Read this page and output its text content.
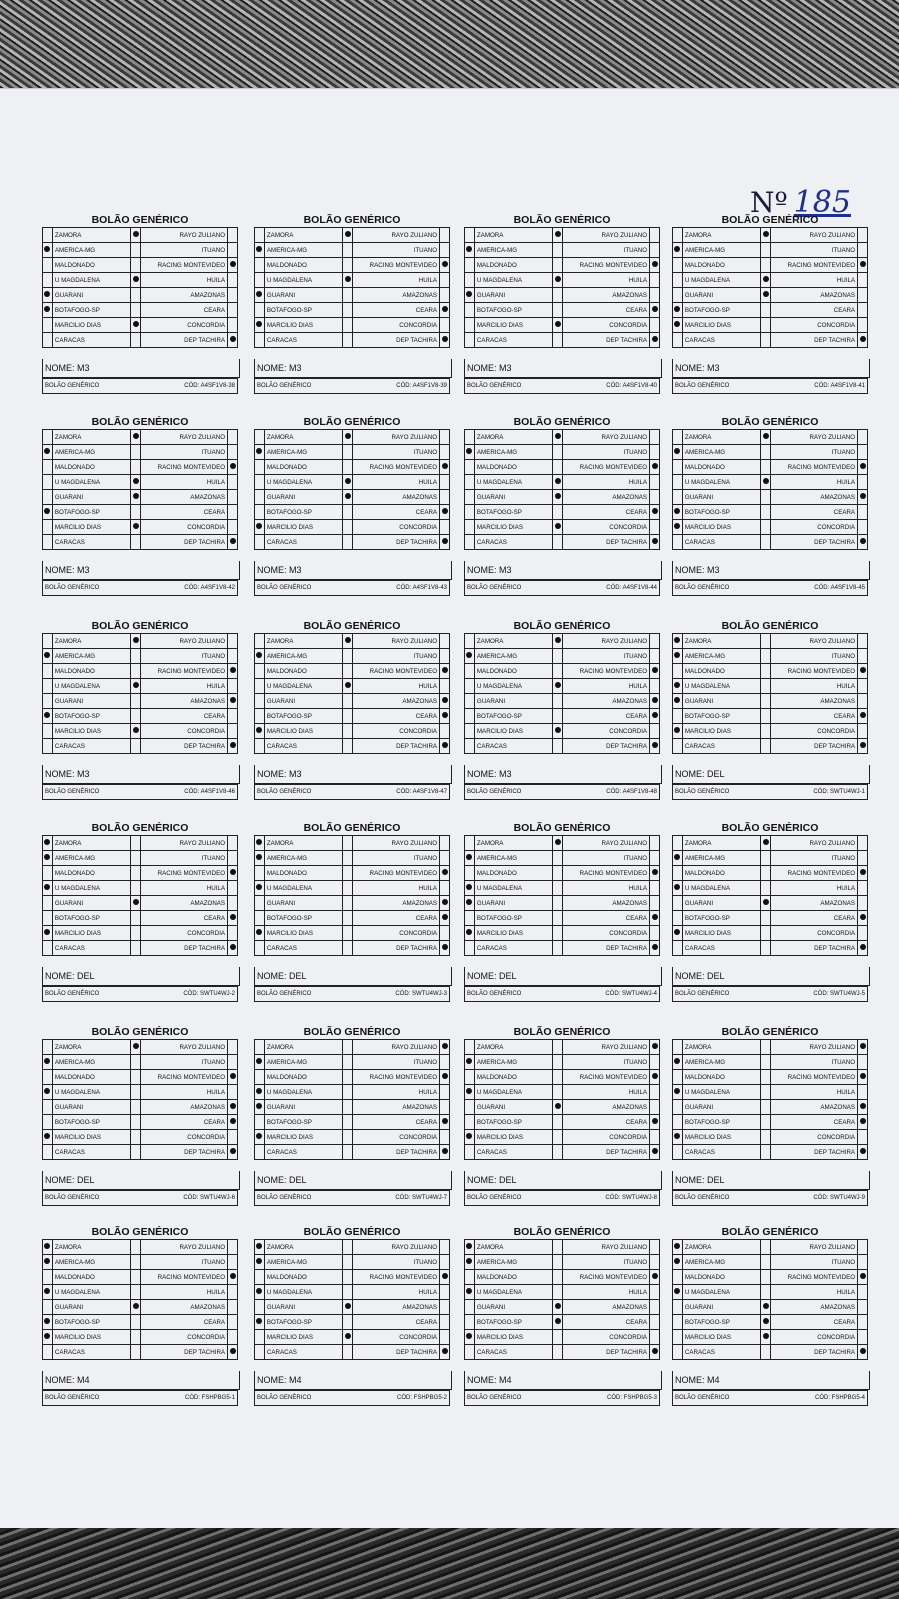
Nº 185
BOLÃO GENÉRICO
	ZAMORA		RAYO ZULIANO	
	AMERICA-MG		ITUANO	
	MALDONADO		RACING MONTEVIDEO	
	U MAGDALENA		HUILA	
	GUARANI		AMAZONAS	
	BOTAFOGO-SP		CEARA	
	MARCILIO DIAS		CONCORDIA	
	CARACAS		DEP TACHIRA	
NOME: M3
BOLÃO GENÉRICO	CÓD: A4SF1V8-38
BOLÃO GENÉRICO
	ZAMORA		RAYO ZULIANO	
	AMERICA-MG		ITUANO	
	MALDONADO		RACING MONTEVIDEO	
	U MAGDALENA		HUILA	
	GUARANI		AMAZONAS	
	BOTAFOGO-SP		CEARA	
	MARCILIO DIAS		CONCORDIA	
	CARACAS		DEP TACHIRA	
NOME: M3
BOLÃO GENÉRICO	CÓD: A4SF1V8-39
BOLÃO GENÉRICO
	ZAMORA		RAYO ZULIANO	
	AMERICA-MG		ITUANO	
	MALDONADO		RACING MONTEVIDEO	
	U MAGDALENA		HUILA	
	GUARANI		AMAZONAS	
	BOTAFOGO-SP		CEARA	
	MARCILIO DIAS		CONCORDIA	
	CARACAS		DEP TACHIRA	
NOME: M3
BOLÃO GENÉRICO	CÓD: A4SF1V8-40
BOLÃO GENÉRICO
	ZAMORA		RAYO ZULIANO	
	AMERICA-MG		ITUANO	
	MALDONADO		RACING MONTEVIDEO	
	U MAGDALENA		HUILA	
	GUARANI		AMAZONAS	
	BOTAFOGO-SP		CEARA	
	MARCILIO DIAS		CONCORDIA	
	CARACAS		DEP TACHIRA	
NOME: M3
BOLÃO GENÉRICO	CÓD: A4SF1V8-41
BOLÃO GENÉRICO
	ZAMORA		RAYO ZULIANO	
	AMERICA-MG		ITUANO	
	MALDONADO		RACING MONTEVIDEO	
	U MAGDALENA		HUILA	
	GUARANI		AMAZONAS	
	BOTAFOGO-SP		CEARA	
	MARCILIO DIAS		CONCORDIA	
	CARACAS		DEP TACHIRA	
NOME: M3
BOLÃO GENÉRICO	CÓD: A4SF1V8-42
BOLÃO GENÉRICO
	ZAMORA		RAYO ZULIANO	
	AMERICA-MG		ITUANO	
	MALDONADO		RACING MONTEVIDEO	
	U MAGDALENA		HUILA	
	GUARANI		AMAZONAS	
	BOTAFOGO-SP		CEARA	
	MARCILIO DIAS		CONCORDIA	
	CARACAS		DEP TACHIRA	
NOME: M3
BOLÃO GENÉRICO	CÓD: A4SF1V8-43
BOLÃO GENÉRICO
	ZAMORA		RAYO ZULIANO	
	AMERICA-MG		ITUANO	
	MALDONADO		RACING MONTEVIDEO	
	U MAGDALENA		HUILA	
	GUARANI		AMAZONAS	
	BOTAFOGO-SP		CEARA	
	MARCILIO DIAS		CONCORDIA	
	CARACAS		DEP TACHIRA	
NOME: M3
BOLÃO GENÉRICO	CÓD: A4SF1V8-44
BOLÃO GENÉRICO
	ZAMORA		RAYO ZULIANO	
	AMERICA-MG		ITUANO	
	MALDONADO		RACING MONTEVIDEO	
	U MAGDALENA		HUILA	
	GUARANI		AMAZONAS	
	BOTAFOGO-SP		CEARA	
	MARCILIO DIAS		CONCORDIA	
	CARACAS		DEP TACHIRA	
NOME: M3
BOLÃO GENÉRICO	CÓD: A4SF1V8-45
BOLÃO GENÉRICO
	ZAMORA		RAYO ZULIANO	
	AMERICA-MG		ITUANO	
	MALDONADO		RACING MONTEVIDEO	
	U MAGDALENA		HUILA	
	GUARANI		AMAZONAS	
	BOTAFOGO-SP		CEARA	
	MARCILIO DIAS		CONCORDIA	
	CARACAS		DEP TACHIRA	
NOME: M3
BOLÃO GENÉRICO	CÓD: A4SF1V8-46
BOLÃO GENÉRICO
	ZAMORA		RAYO ZULIANO	
	AMERICA-MG		ITUANO	
	MALDONADO		RACING MONTEVIDEO	
	U MAGDALENA		HUILA	
	GUARANI		AMAZONAS	
	BOTAFOGO-SP		CEARA	
	MARCILIO DIAS		CONCORDIA	
	CARACAS		DEP TACHIRA	
NOME: M3
BOLÃO GENÉRICO	CÓD: A4SF1V8-47
BOLÃO GENÉRICO
	ZAMORA		RAYO ZULIANO	
	AMERICA-MG		ITUANO	
	MALDONADO		RACING MONTEVIDEO	
	U MAGDALENA		HUILA	
	GUARANI		AMAZONAS	
	BOTAFOGO-SP		CEARA	
	MARCILIO DIAS		CONCORDIA	
	CARACAS		DEP TACHIRA	
NOME: M3
BOLÃO GENÉRICO	CÓD: A4SF1V8-48
BOLÃO GENÉRICO
	ZAMORA		RAYO ZULIANO	
	AMERICA-MG		ITUANO	
	MALDONADO		RACING MONTEVIDEO	
	U MAGDALENA		HUILA	
	GUARANI		AMAZONAS	
	BOTAFOGO-SP		CEARA	
	MARCILIO DIAS		CONCORDIA	
	CARACAS		DEP TACHIRA	
NOME: DEL
BOLÃO GENÉRICO	CÓD: SWTU4WJ-1
BOLÃO GENÉRICO
	ZAMORA		RAYO ZULIANO	
	AMERICA-MG		ITUANO	
	MALDONADO		RACING MONTEVIDEO	
	U MAGDALENA		HUILA	
	GUARANI		AMAZONAS	
	BOTAFOGO-SP		CEARA	
	MARCILIO DIAS		CONCORDIA	
	CARACAS		DEP TACHIRA	
NOME: DEL
BOLÃO GENÉRICO	CÓD: SWTU4WJ-2
BOLÃO GENÉRICO
	ZAMORA		RAYO ZULIANO	
	AMERICA-MG		ITUANO	
	MALDONADO		RACING MONTEVIDEO	
	U MAGDALENA		HUILA	
	GUARANI		AMAZONAS	
	BOTAFOGO-SP		CEARA	
	MARCILIO DIAS		CONCORDIA	
	CARACAS		DEP TACHIRA	
NOME: DEL
BOLÃO GENÉRICO	CÓD: SWTU4WJ-3
BOLÃO GENÉRICO
	ZAMORA		RAYO ZULIANO	
	AMERICA-MG		ITUANO	
	MALDONADO		RACING MONTEVIDEO	
	U MAGDALENA		HUILA	
	GUARANI		AMAZONAS	
	BOTAFOGO-SP		CEARA	
	MARCILIO DIAS		CONCORDIA	
	CARACAS		DEP TACHIRA	
NOME: DEL
BOLÃO GENÉRICO	CÓD: SWTU4WJ-4
BOLÃO GENÉRICO
	ZAMORA		RAYO ZULIANO	
	AMERICA-MG		ITUANO	
	MALDONADO		RACING MONTEVIDEO	
	U MAGDALENA		HUILA	
	GUARANI		AMAZONAS	
	BOTAFOGO-SP		CEARA	
	MARCILIO DIAS		CONCORDIA	
	CARACAS		DEP TACHIRA	
NOME: DEL
BOLÃO GENÉRICO	CÓD: SWTU4WJ-5
BOLÃO GENÉRICO
	ZAMORA		RAYO ZULIANO	
	AMERICA-MG		ITUANO	
	MALDONADO		RACING MONTEVIDEO	
	U MAGDALENA		HUILA	
	GUARANI		AMAZONAS	
	BOTAFOGO-SP		CEARA	
	MARCILIO DIAS		CONCORDIA	
	CARACAS		DEP TACHIRA	
NOME: DEL
BOLÃO GENÉRICO	CÓD: SWTU4WJ-6
BOLÃO GENÉRICO
	ZAMORA		RAYO ZULIANO	
	AMERICA-MG		ITUANO	
	MALDONADO		RACING MONTEVIDEO	
	U MAGDALENA		HUILA	
	GUARANI		AMAZONAS	
	BOTAFOGO-SP		CEARA	
	MARCILIO DIAS		CONCORDIA	
	CARACAS		DEP TACHIRA	
NOME: DEL
BOLÃO GENÉRICO	CÓD: SWTU4WJ-7
BOLÃO GENÉRICO
	ZAMORA		RAYO ZULIANO	
	AMERICA-MG		ITUANO	
	MALDONADO		RACING MONTEVIDEO	
	U MAGDALENA		HUILA	
	GUARANI		AMAZONAS	
	BOTAFOGO-SP		CEARA	
	MARCILIO DIAS		CONCORDIA	
	CARACAS		DEP TACHIRA	
NOME: DEL
BOLÃO GENÉRICO	CÓD: SWTU4WJ-8
BOLÃO GENÉRICO
	ZAMORA		RAYO ZULIANO	
	AMERICA-MG		ITUANO	
	MALDONADO		RACING MONTEVIDEO	
	U MAGDALENA		HUILA	
	GUARANI		AMAZONAS	
	BOTAFOGO-SP		CEARA	
	MARCILIO DIAS		CONCORDIA	
	CARACAS		DEP TACHIRA	
NOME: DEL
BOLÃO GENÉRICO	CÓD: SWTU4WJ-9
BOLÃO GENÉRICO
	ZAMORA		RAYO ZULIANO	
	AMERICA-MG		ITUANO	
	MALDONADO		RACING MONTEVIDEO	
	U MAGDALENA		HUILA	
	GUARANI		AMAZONAS	
	BOTAFOGO-SP		CEARA	
	MARCILIO DIAS		CONCORDIA	
	CARACAS		DEP TACHIRA	
NOME: M4
BOLÃO GENÉRICO	CÓD: FSHPBG5-1
BOLÃO GENÉRICO
	ZAMORA		RAYO ZULIANO	
	AMERICA-MG		ITUANO	
	MALDONADO		RACING MONTEVIDEO	
	U MAGDALENA		HUILA	
	GUARANI		AMAZONAS	
	BOTAFOGO-SP		CEARA	
	MARCILIO DIAS		CONCORDIA	
	CARACAS		DEP TACHIRA	
NOME: M4
BOLÃO GENÉRICO	CÓD: FSHPBG5-2
BOLÃO GENÉRICO
	ZAMORA		RAYO ZULIANO	
	AMERICA-MG		ITUANO	
	MALDONADO		RACING MONTEVIDEO	
	U MAGDALENA		HUILA	
	GUARANI		AMAZONAS	
	BOTAFOGO-SP		CEARA	
	MARCILIO DIAS		CONCORDIA	
	CARACAS		DEP TACHIRA	
NOME: M4
BOLÃO GENÉRICO	CÓD: FSHPBG5-3
BOLÃO GENÉRICO
	ZAMORA		RAYO ZULIANO	
	AMERICA-MG		ITUANO	
	MALDONADO		RACING MONTEVIDEO	
	U MAGDALENA		HUILA	
	GUARANI		AMAZONAS	
	BOTAFOGO-SP		CEARA	
	MARCILIO DIAS		CONCORDIA	
	CARACAS		DEP TACHIRA	
NOME: M4
BOLÃO GENÉRICO	CÓD: FSHPBG5-4
